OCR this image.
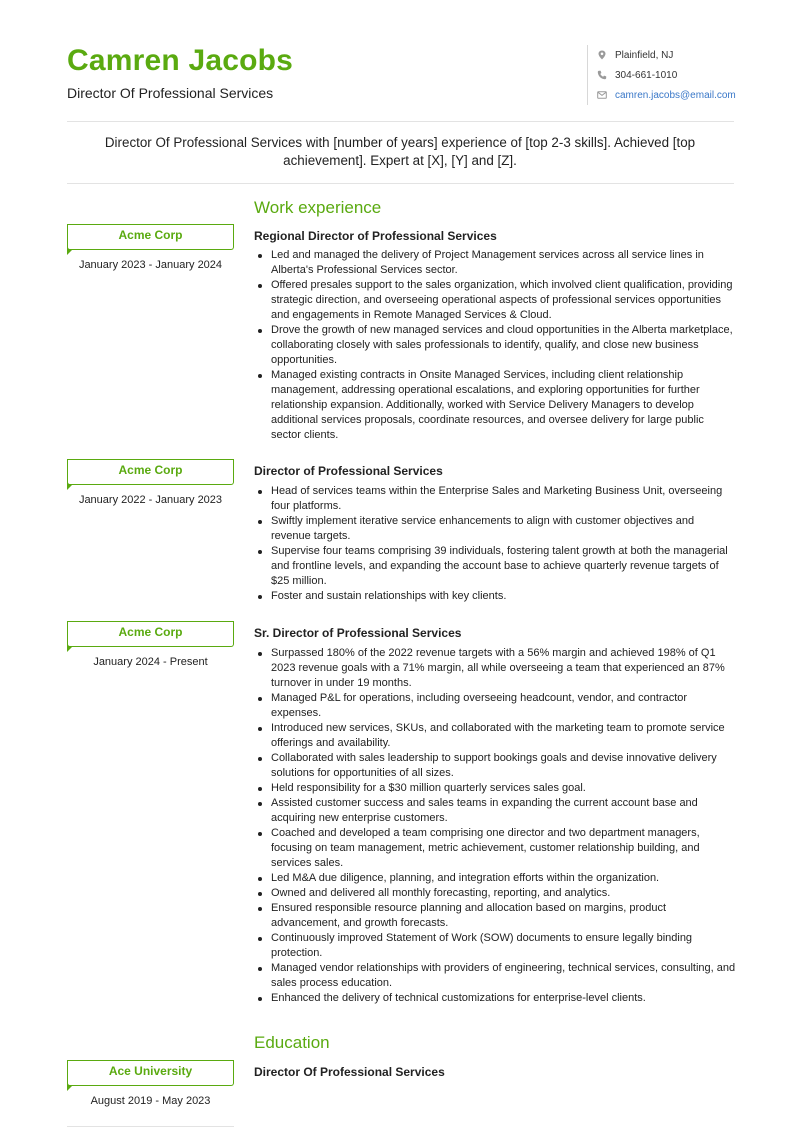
Camren Jacobs
Director Of Professional Services
Plainfield, NJ
304-661-1010
camren.jacobs@email.com
Director Of Professional Services with [number of years] experience of [top 2-3 skills]. Achieved [top achievement]. Expert at [X], [Y] and [Z].
Work experience
Acme Corp
January 2023 - January 2024
Regional Director of Professional Services
Led and managed the delivery of Project Management services across all service lines in Alberta's Professional Services sector.
Offered presales support to the sales organization, which involved client qualification, providing strategic direction, and overseeing operational aspects of professional services opportunities and engagements in Remote Managed Services & Cloud.
Drove the growth of new managed services and cloud opportunities in the Alberta marketplace, collaborating closely with sales professionals to identify, qualify, and close new business opportunities.
Managed existing contracts in Onsite Managed Services, including client relationship management, addressing operational escalations, and exploring opportunities for further relationship expansion. Additionally, worked with Service Delivery Managers to develop additional services proposals, coordinate resources, and oversee delivery for large public sector clients.
Acme Corp
January 2022 - January 2023
Director of Professional Services
Head of services teams within the Enterprise Sales and Marketing Business Unit, overseeing four platforms.
Swiftly implement iterative service enhancements to align with customer objectives and revenue targets.
Supervise four teams comprising 39 individuals, fostering talent growth at both the managerial and frontline levels, and expanding the account base to achieve quarterly revenue targets of $25 million.
Foster and sustain relationships with key clients.
Acme Corp
January 2024 - Present
Sr. Director of Professional Services
Surpassed 180% of the 2022 revenue targets with a 56% margin and achieved 198% of Q1 2023 revenue goals with a 71% margin, all while overseeing a team that experienced an 87% turnover in under 19 months.
Managed P&L for operations, including overseeing headcount, vendor, and contractor expenses.
Introduced new services, SKUs, and collaborated with the marketing team to promote service offerings and availability.
Collaborated with sales leadership to support bookings goals and devise innovative delivery solutions for opportunities of all sizes.
Held responsibility for a $30 million quarterly services sales goal.
Assisted customer success and sales teams in expanding the current account base and acquiring new enterprise customers.
Coached and developed a team comprising one director and two department managers, focusing on team management, metric achievement, customer relationship building, and services sales.
Led M&A due diligence, planning, and integration efforts within the organization.
Owned and delivered all monthly forecasting, reporting, and analytics.
Ensured responsible resource planning and allocation based on margins, product advancement, and growth forecasts.
Continuously improved Statement of Work (SOW) documents to ensure legally binding protection.
Managed vendor relationships with providers of engineering, technical services, consulting, and sales process education.
Enhanced the delivery of technical customizations for enterprise-level clients.
Education
Ace University
August 2019 - May 2023
Director Of Professional Services
